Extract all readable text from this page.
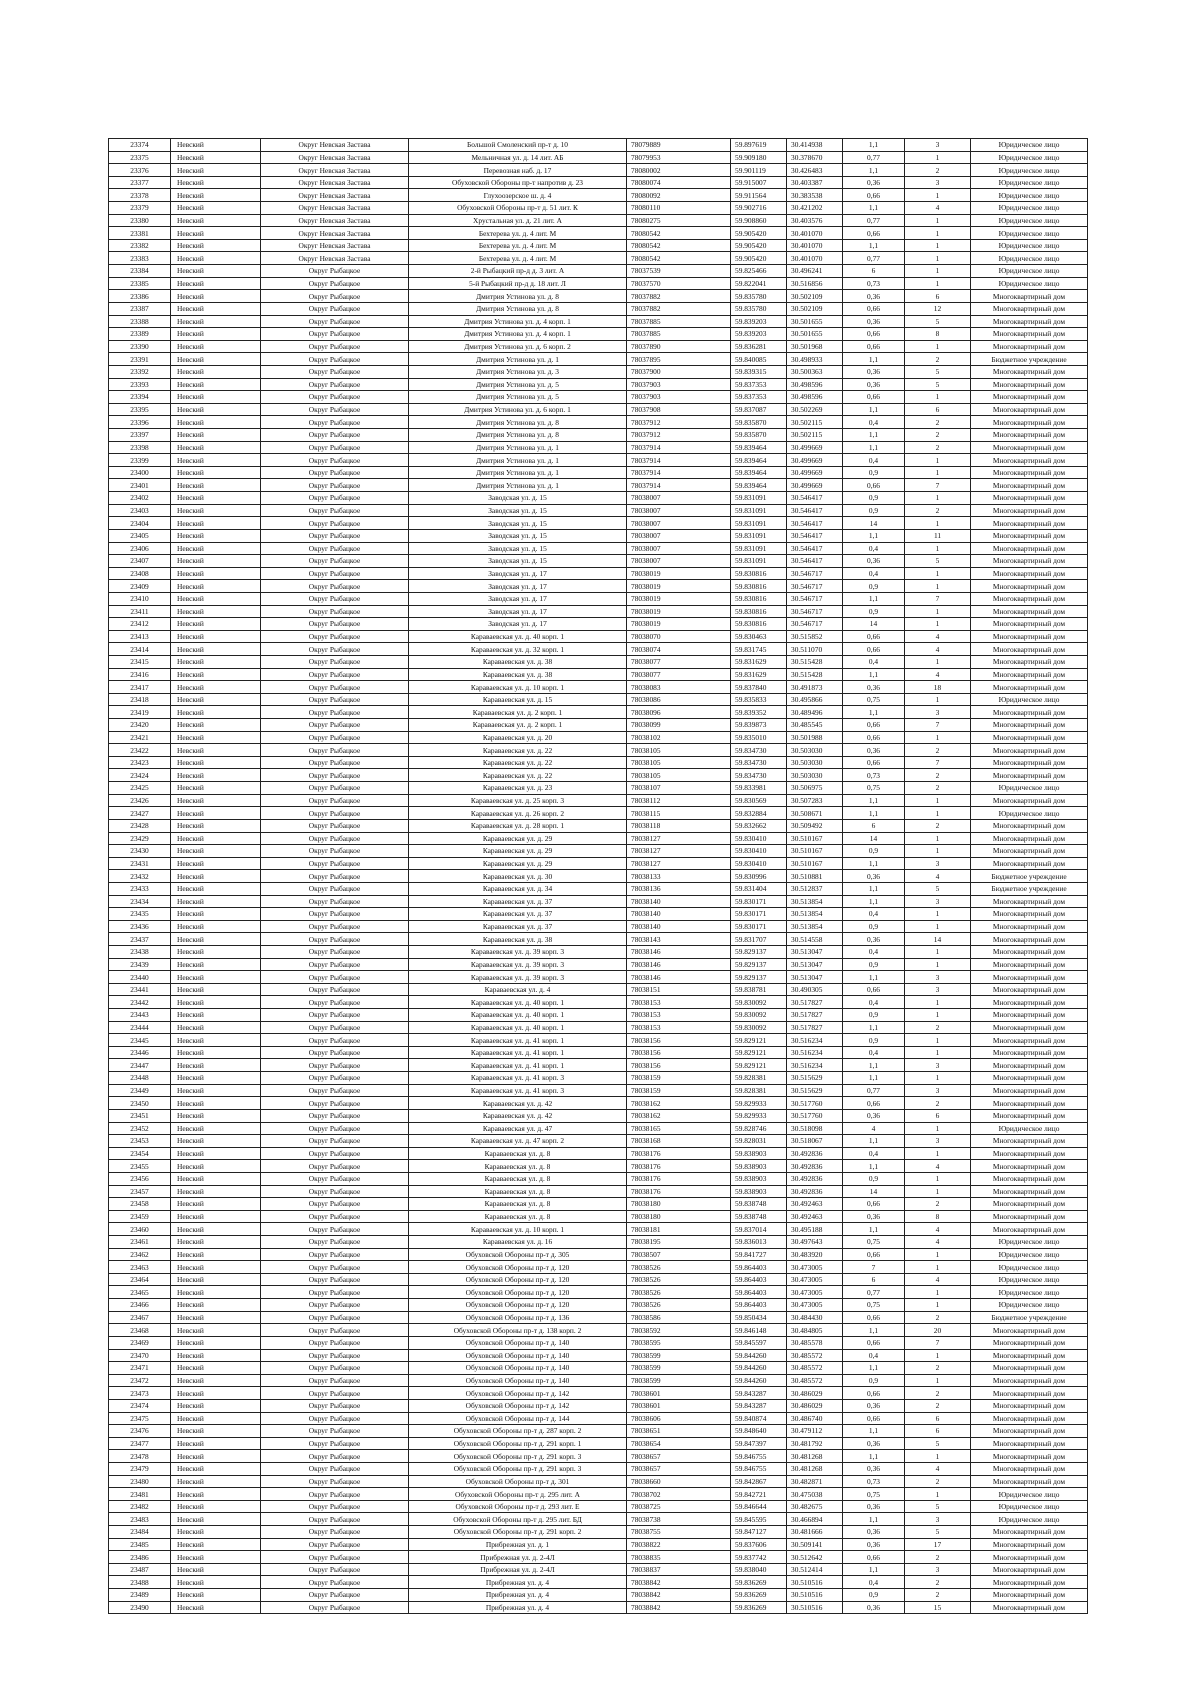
23374	Невский	Округ Невская Застава	Большой Смоленский пр-т д. 10	78079889	59.897619	30.414938	1,1	3	Юридическое лицо
23375	Невский	Округ Невская Застава	Мельничная ул. д. 14 лит. АБ	78079953	59.909180	30.378670	0,77	1	Юридическое лицо
23376	Невский	Округ Невская Застава	Перевозная наб. д. 17	78080002	59.901119	30.426483	1,1	2	Юридическое лицо
23377	Невский	Округ Невская Застава	Обуховской Обороны пр-т напротив д. 23	78080074	59.915007	30.403387	0,36	3	Юридическое лицо
23378	Невский	Округ Невская Застава	Глухоозерское ш. д. 4	78080092	59.911564	30.383538	0,66	1	Юридическое лицо
23379	Невский	Округ Невская Застава	Обуховской Обороны пр-т д. 51 лит. К	78080110	59.902716	30.421202	1,1	4	Юридическое лицо
23380	Невский	Округ Невская Застава	Хрустальная ул. д. 21 лит. А	78080275	59.908860	30.403576	0,77	1	Юридическое лицо
23381	Невский	Округ Невская Застава	Бехтерева ул. д. 4 лит. М	78080542	59.905420	30.401070	0,66	1	Юридическое лицо
23382	Невский	Округ Невская Застава	Бехтерева ул. д. 4 лит. М	78080542	59.905420	30.401070	1,1	1	Юридическое лицо
23383	Невский	Округ Невская Застава	Бехтерева ул. д. 4 лит. М	78080542	59.905420	30.401070	0,77	1	Юридическое лицо
23384	Невский	Округ Рыбацкое	2-й Рыбацкий пр-д д. 3 лит. А	78037539	59.825466	30.496241	6	1	Юридическое лицо
23385	Невский	Округ Рыбацкое	5-й Рыбацкий пр-д д. 18 лит. Л	78037570	59.822041	30.516856	0,73	1	Юридическое лицо
23386	Невский	Округ Рыбацкое	Дмитрия Устинова ул. д. 8	78037882	59.835780	30.502109	0,36	6	Многоквартирный дом
23387	Невский	Округ Рыбацкое	Дмитрия Устинова ул. д. 8	78037882	59.835780	30.502109	0,66	12	Многоквартирный дом
23388	Невский	Округ Рыбацкое	Дмитрия Устинова ул. д. 4 корп. 1	78037885	59.839203	30.501655	0,36	5	Многоквартирный дом
23389	Невский	Округ Рыбацкое	Дмитрия Устинова ул. д. 4 корп. 1	78037885	59.839203	30.501655	0,66	8	Многоквартирный дом
23390	Невский	Округ Рыбацкое	Дмитрия Устинова ул. д. 6 корп. 2	78037890	59.836281	30.501968	0,66	1	Многоквартирный дом
23391	Невский	Округ Рыбацкое	Дмитрия Устинова ул. д. 1	78037895	59.840085	30.498933	1,1	2	Бюджетное учреждение
23392	Невский	Округ Рыбацкое	Дмитрия Устинова ул. д. 3	78037900	59.839315	30.500363	0,36	5	Многоквартирный дом
23393	Невский	Округ Рыбацкое	Дмитрия Устинова ул. д. 5	78037903	59.837353	30.498596	0,36	5	Многоквартирный дом
23394	Невский	Округ Рыбацкое	Дмитрия Устинова ул. д. 5	78037903	59.837353	30.498596	0,66	1	Многоквартирный дом
23395	Невский	Округ Рыбацкое	Дмитрия Устинова ул. д. 6 корп. 1	78037908	59.837087	30.502269	1,1	6	Многоквартирный дом
23396	Невский	Округ Рыбацкое	Дмитрия Устинова ул. д. 8	78037912	59.835870	30.502115	0,4	2	Многоквартирный дом
23397	Невский	Округ Рыбацкое	Дмитрия Устинова ул. д. 8	78037912	59.835870	30.502115	1,1	2	Многоквартирный дом
23398	Невский	Округ Рыбацкое	Дмитрия Устинова ул. д. 1	78037914	59.839464	30.499669	1,1	2	Многоквартирный дом
23399	Невский	Округ Рыбацкое	Дмитрия Устинова ул. д. 1	78037914	59.839464	30.499669	0,4	1	Многоквартирный дом
23400	Невский	Округ Рыбацкое	Дмитрия Устинова ул. д. 1	78037914	59.839464	30.499669	0,9	1	Многоквартирный дом
23401	Невский	Округ Рыбацкое	Дмитрия Устинова ул. д. 1	78037914	59.839464	30.499669	0,66	7	Многоквартирный дом
23402	Невский	Округ Рыбацкое	Заводская ул. д. 15	78038007	59.831091	30.546417	0,9	1	Многоквартирный дом
23403	Невский	Округ Рыбацкое	Заводская ул. д. 15	78038007	59.831091	30.546417	0,9	2	Многоквартирный дом
23404	Невский	Округ Рыбацкое	Заводская ул. д. 15	78038007	59.831091	30.546417	14	1	Многоквартирный дом
23405	Невский	Округ Рыбацкое	Заводская ул. д. 15	78038007	59.831091	30.546417	1,1	11	Многоквартирный дом
23406	Невский	Округ Рыбацкое	Заводская ул. д. 15	78038007	59.831091	30.546417	0,4	1	Многоквартирный дом
23407	Невский	Округ Рыбацкое	Заводская ул. д. 15	78038007	59.831091	30.546417	0,36	5	Многоквартирный дом
23408	Невский	Округ Рыбацкое	Заводская ул. д. 17	78038019	59.830816	30.546717	0,4	1	Многоквартирный дом
23409	Невский	Округ Рыбацкое	Заводская ул. д. 17	78038019	59.830816	30.546717	0,9	1	Многоквартирный дом
23410	Невский	Округ Рыбацкое	Заводская ул. д. 17	78038019	59.830816	30.546717	1,1	7	Многоквартирный дом
23411	Невский	Округ Рыбацкое	Заводская ул. д. 17	78038019	59.830816	30.546717	0,9	1	Многоквартирный дом
23412	Невский	Округ Рыбацкое	Заводская ул. д. 17	78038019	59.830816	30.546717	14	1	Многоквартирный дом
23413	Невский	Округ Рыбацкое	Караваевская ул. д. 40 корп. 1	78038070	59.830463	30.515852	0,66	4	Многоквартирный дом
23414	Невский	Округ Рыбацкое	Караваевская ул. д. 32 корп. 1	78038074	59.831745	30.511070	0,66	4	Многоквартирный дом
23415	Невский	Округ Рыбацкое	Караваевская ул. д. 38	78038077	59.831629	30.515428	0,4	1	Многоквартирный дом
23416	Невский	Округ Рыбацкое	Караваевская ул. д. 38	78038077	59.831629	30.515428	1,1	4	Многоквартирный дом
23417	Невский	Округ Рыбацкое	Караваевская ул. д. 10 корп. 1	78038083	59.837840	30.491873	0,36	18	Многоквартирный дом
23418	Невский	Округ Рыбацкое	Караваевская ул. д. 15	78038086	59.835833	30.495866	0,75	1	Юридическое лицо
23419	Невский	Округ Рыбацкое	Караваевская ул. д. 2 корп. 1	78038096	59.839352	30.489496	1,1	3	Многоквартирный дом
23420	Невский	Округ Рыбацкое	Караваевская ул. д. 2 корп. 1	78038099	59.839873	30.485545	0,66	7	Многоквартирный дом
23421	Невский	Округ Рыбацкое	Караваевская ул. д. 20	78038102	59.835010	30.501988	0,66	1	Многоквартирный дом
23422	Невский	Округ Рыбацкое	Караваевская ул. д. 22	78038105	59.834730	30.503030	0,36	2	Многоквартирный дом
23423	Невский	Округ Рыбацкое	Караваевская ул. д. 22	78038105	59.834730	30.503030	0,66	7	Многоквартирный дом
23424	Невский	Округ Рыбацкое	Караваевская ул. д. 22	78038105	59.834730	30.503030	0,73	2	Многоквартирный дом
23425	Невский	Округ Рыбацкое	Караваевская ул. д. 23	78038107	59.833981	30.506975	0,75	2	Юридическое лицо
23426	Невский	Округ Рыбацкое	Караваевская ул. д. 25 корп. 3	78038112	59.830569	30.507283	1,1	1	Многоквартирный дом
23427	Невский	Округ Рыбацкое	Караваевская ул. д. 26 корп. 2	78038115	59.832884	30.508671	1,1	1	Юридическое лицо
23428	Невский	Округ Рыбацкое	Караваевская ул. д. 28 корп. 1	78038118	59.832662	30.509492	6	2	Многоквартирный дом
23429	Невский	Округ Рыбацкое	Караваевская ул. д. 29	78038127	59.830410	30.510167	14	1	Многоквартирный дом
23430	Невский	Округ Рыбацкое	Караваевская ул. д. 29	78038127	59.830410	30.510167	0,9	1	Многоквартирный дом
23431	Невский	Округ Рыбацкое	Караваевская ул. д. 29	78038127	59.830410	30.510167	1,1	3	Многоквартирный дом
23432	Невский	Округ Рыбацкое	Караваевская ул. д. 30	78038133	59.830996	30.510881	0,36	4	Бюджетное учреждение
23433	Невский	Округ Рыбацкое	Караваевская ул. д. 34	78038136	59.831404	30.512837	1,1	5	Бюджетное учреждение
23434	Невский	Округ Рыбацкое	Караваевская ул. д. 37	78038140	59.830171	30.513854	1,1	3	Многоквартирный дом
23435	Невский	Округ Рыбацкое	Караваевская ул. д. 37	78038140	59.830171	30.513854	0,4	1	Многоквартирный дом
23436	Невский	Округ Рыбацкое	Караваевская ул. д. 37	78038140	59.830171	30.513854	0,9	1	Многоквартирный дом
23437	Невский	Округ Рыбацкое	Караваевская ул. д. 38	78038143	59.831707	30.514558	0,36	14	Многоквартирный дом
23438	Невский	Округ Рыбацкое	Караваевская ул. д. 39 корп. 3	78038146	59.829137	30.513047	0,4	1	Многоквартирный дом
23439	Невский	Округ Рыбацкое	Караваевская ул. д. 39 корп. 3	78038146	59.829137	30.513047	0,9	1	Многоквартирный дом
23440	Невский	Округ Рыбацкое	Караваевская ул. д. 39 корп. 3	78038146	59.829137	30.513047	1,1	3	Многоквартирный дом
23441	Невский	Округ Рыбацкое	Караваевская ул. д. 4	78038151	59.838781	30.490305	0,66	3	Многоквартирный дом
23442	Невский	Округ Рыбацкое	Караваевская ул. д. 40 корп. 1	78038153	59.830092	30.517827	0,4	1	Многоквартирный дом
23443	Невский	Округ Рыбацкое	Караваевская ул. д. 40 корп. 1	78038153	59.830092	30.517827	0,9	1	Многоквартирный дом
23444	Невский	Округ Рыбацкое	Караваевская ул. д. 40 корп. 1	78038153	59.830092	30.517827	1,1	2	Многоквартирный дом
23445	Невский	Округ Рыбацкое	Караваевская ул. д. 41 корп. 1	78038156	59.829121	30.516234	0,9	1	Многоквартирный дом
23446	Невский	Округ Рыбацкое	Караваевская ул. д. 41 корп. 1	78038156	59.829121	30.516234	0,4	1	Многоквартирный дом
23447	Невский	Округ Рыбацкое	Караваевская ул. д. 41 корп. 1	78038156	59.829121	30.516234	1,1	3	Многоквартирный дом
23448	Невский	Округ Рыбацкое	Караваевская ул. д. 41 корп. 3	78038159	59.828381	30.515629	1,1	1	Многоквартирный дом
23449	Невский	Округ Рыбацкое	Караваевская ул. д. 41 корп. 3	78038159	59.828381	30.515629	0,77	3	Многоквартирный дом
23450	Невский	Округ Рыбацкое	Караваевская ул. д. 42	78038162	59.829933	30.517760	0,66	2	Многоквартирный дом
23451	Невский	Округ Рыбацкое	Караваевская ул. д. 42	78038162	59.829933	30.517760	0,36	6	Многоквартирный дом
23452	Невский	Округ Рыбацкое	Караваевская ул. д. 47	78038165	59.828746	30.518098	4	1	Юридическое лицо
23453	Невский	Округ Рыбацкое	Караваевская ул. д. 47 корп. 2	78038168	59.828031	30.518067	1,1	3	Многоквартирный дом
23454	Невский	Округ Рыбацкое	Караваевская ул. д. 8	78038176	59.838903	30.492836	0,4	1	Многоквартирный дом
23455	Невский	Округ Рыбацкое	Караваевская ул. д. 8	78038176	59.838903	30.492836	1,1	4	Многоквартирный дом
23456	Невский	Округ Рыбацкое	Караваевская ул. д. 8	78038176	59.838903	30.492836	0,9	1	Многоквартирный дом
23457	Невский	Округ Рыбацкое	Караваевская ул. д. 8	78038176	59.838903	30.492836	14	1	Многоквартирный дом
23458	Невский	Округ Рыбацкое	Караваевская ул. д. 8	78038180	59.838748	30.492463	0,66	2	Многоквартирный дом
23459	Невский	Округ Рыбацкое	Караваевская ул. д. 8	78038180	59.838748	30.492463	0,36	8	Многоквартирный дом
23460	Невский	Округ Рыбацкое	Караваевская ул. д. 10 корп. 1	78038181	59.837014	30.495188	1,1	4	Многоквартирный дом
23461	Невский	Округ Рыбацкое	Караваевская ул. д. 16	78038195	59.836013	30.497643	0,75	4	Юридическое лицо
23462	Невский	Округ Рыбацкое	Обуховской Обороны пр-т д. 305	78038507	59.841727	30.483920	0,66	1	Юридическое лицо
23463	Невский	Округ Рыбацкое	Обуховской Обороны пр-т д. 120	78038526	59.864403	30.473005	7	1	Юридическое лицо
23464	Невский	Округ Рыбацкое	Обуховской Обороны пр-т д. 120	78038526	59.864403	30.473005	6	4	Юридическое лицо
23465	Невский	Округ Рыбацкое	Обуховской Обороны пр-т д. 120	78038526	59.864403	30.473005	0,77	1	Юридическое лицо
23466	Невский	Округ Рыбацкое	Обуховской Обороны пр-т д. 120	78038526	59.864403	30.473005	0,75	1	Юридическое лицо
23467	Невский	Округ Рыбацкое	Обуховской Обороны пр-т д. 136	78038586	59.850434	30.484430	0,66	2	Бюджетное учреждение
23468	Невский	Округ Рыбацкое	Обуховской Обороны пр-т д. 138 корп. 2	78038592	59.846148	30.484805	1,1	20	Многоквартирный дом
23469	Невский	Округ Рыбацкое	Обуховской Обороны пр-т д. 140	78038595	59.845597	30.485578	0,66	7	Многоквартирный дом
23470	Невский	Округ Рыбацкое	Обуховской Обороны пр-т д. 140	78038599	59.844260	30.485572	0,4	1	Многоквартирный дом
23471	Невский	Округ Рыбацкое	Обуховской Обороны пр-т д. 140	78038599	59.844260	30.485572	1,1	2	Многоквартирный дом
23472	Невский	Округ Рыбацкое	Обуховской Обороны пр-т д. 140	78038599	59.844260	30.485572	0,9	1	Многоквартирный дом
23473	Невский	Округ Рыбацкое	Обуховской Обороны пр-т д. 142	78038601	59.843287	30.486029	0,66	2	Многоквартирный дом
23474	Невский	Округ Рыбацкое	Обуховской Обороны пр-т д. 142	78038601	59.843287	30.486029	0,36	2	Многоквартирный дом
23475	Невский	Округ Рыбацкое	Обуховской Обороны пр-т д. 144	78038606	59.840874	30.486740	0,66	6	Многоквартирный дом
23476	Невский	Округ Рыбацкое	Обуховской Обороны пр-т д. 287 корп. 2	78038651	59.848640	30.479112	1,1	6	Многоквартирный дом
23477	Невский	Округ Рыбацкое	Обуховской Обороны пр-т д. 291 корп. 1	78038654	59.847397	30.481792	0,36	5	Многоквартирный дом
23478	Невский	Округ Рыбацкое	Обуховской Обороны пр-т д. 291 корп. 3	78038657	59.846755	30.481268	1,1	1	Многоквартирный дом
23479	Невский	Округ Рыбацкое	Обуховской Обороны пр-т д. 291 корп. 3	78038657	59.846755	30.481268	0,36	4	Многоквартирный дом
23480	Невский	Округ Рыбацкое	Обуховской Обороны пр-т д. 301	78038660	59.842867	30.482871	0,73	2	Многоквартирный дом
23481	Невский	Округ Рыбацкое	Обуховской Обороны пр-т д. 295 лит. А	78038702	59.842721	30.475038	0,75	1	Юридическое лицо
23482	Невский	Округ Рыбацкое	Обуховской Обороны пр-т д. 293 лит. Е	78038725	59.846644	30.482675	0,36	5	Юридическое лицо
23483	Невский	Округ Рыбацкое	Обуховской Обороны пр-т д. 295 лит. БД	78038738	59.845595	30.466894	1,1	3	Юридическое лицо
23484	Невский	Округ Рыбацкое	Обуховской Обороны пр-т д. 291 корп. 2	78038755	59.847127	30.481666	0,36	5	Многоквартирный дом
23485	Невский	Округ Рыбацкое	Прибрежная ул. д. 1	78038822	59.837606	30.509141	0,36	17	Многоквартирный дом
23486	Невский	Округ Рыбацкое	Прибрежная ул. д. 2-4Л	78038835	59.837742	30.512642	0,66	2	Многоквартирный дом
23487	Невский	Округ Рыбацкое	Прибрежная ул. д. 2-4Л	78038837	59.838040	30.512414	1,1	3	Многоквартирный дом
23488	Невский	Округ Рыбацкое	Прибрежная ул. д. 4	78038842	59.836269	30.510516	0,4	2	Многоквартирный дом
23489	Невский	Округ Рыбацкое	Прибрежная ул. д. 4	78038842	59.836269	30.510516	0,9	2	Многоквартирный дом
23490	Невский	Округ Рыбацкое	Прибрежная ул. д. 4	78038842	59.836269	30.510516	0,36	15	Многоквартирный дом
